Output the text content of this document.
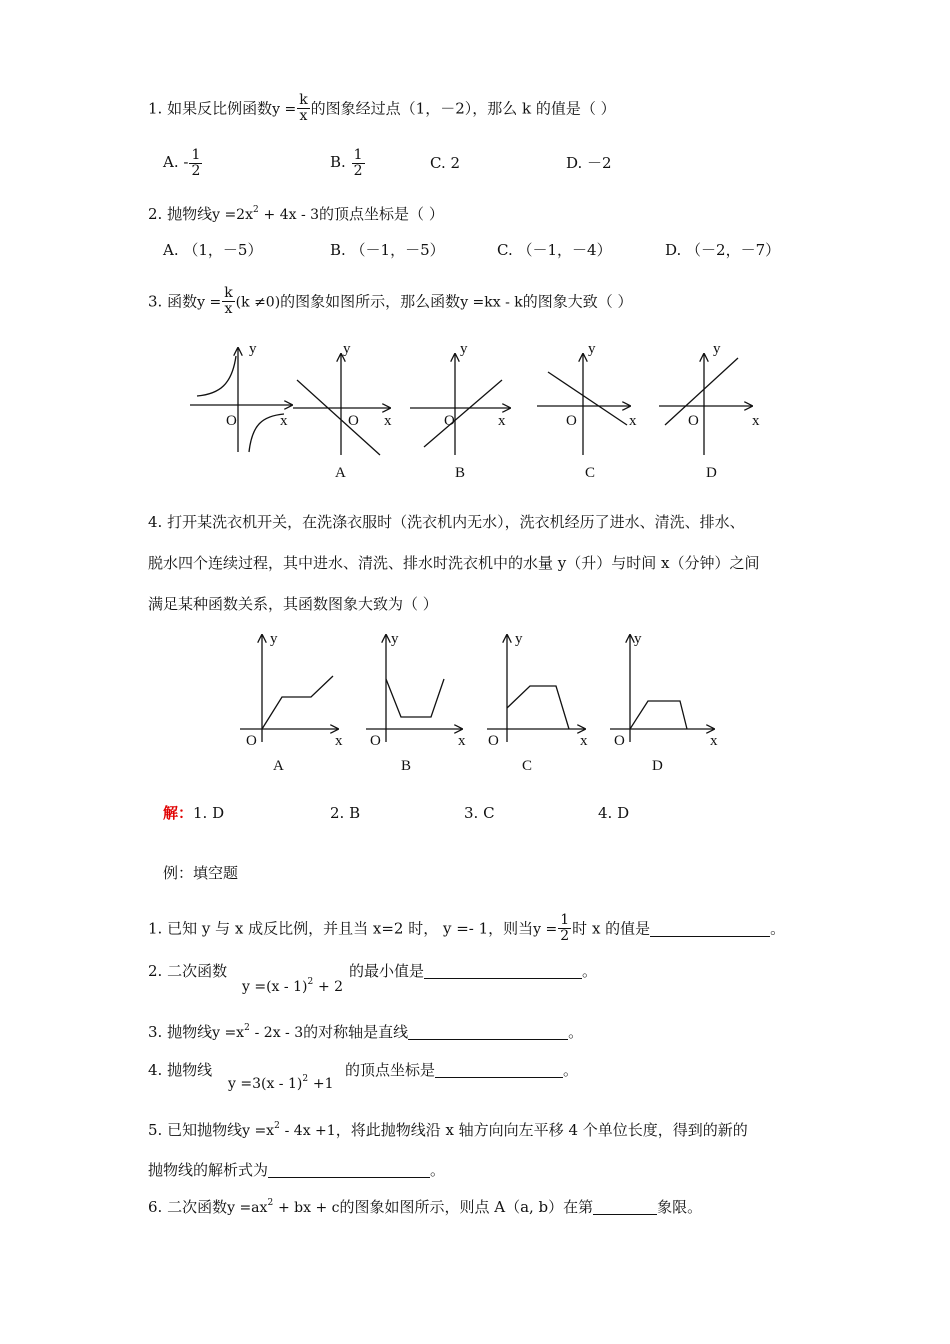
1. 如果反比例函数$y = \frac{k}{x}$ 的图象经过点（1，－2），那么 k 的值是（ ）
A. - $\frac{1}{2}$	B. $\frac{1}{2}$	C. 2	D. －2
2. 抛物线$y =2x^2 + 4x - 3$的顶点坐标是（ ）
A. （1，－5）	B. （－1，－5）	C. （－1，－4）	D. （－2，－7）
3. 函数$y = \frac{k}{x} (k \ne 0)$的图象如图所示，那么函数y =kx - k的图象大致（ ）
y
O	x
y
O x
A
y
O	x
B
y
O	x
C
y
O	x
D
y
O	x
A
y
O	x
B
y
O	x
C
y
O	x
D
4. 打开某洗衣机开关，在洗涤衣服时（洗衣机内无水），洗衣机经历了进水、清洗、排水、
脱水四个连续过程，其中进水、清洗、排水时洗衣机中的水量 y（升）与时间 x（分钟）之间
满足某种函数关系，其函数图象大致为（ ）
解：1. D	2. B	3. C	4. D
例：填空题
1. 已知 y 与 x 成反比例，并且当 x=2 时， y =- 1，则当$y = \frac{1}{2}$ 时 x 的值是	。
2. 二次函数
y =(x - 1)$^2$ + 2
的最小值是	。
3. 抛物线$y =x^2 - 2x - 3$的对称轴是直线	。
4. 抛物线
y =3(x - 1)$^2$ +1
的顶点坐标是	。
5. 已知抛物线$y =x^2 - 4x +1$，将此抛物线沿 x 轴方向向左平移 4 个单位长度，得到的新的
抛物线的解析式为	。
6. 二次函数$y =ax^2$ + bx + c的图象如图所示，则点 A（a, b）在第	象限。
